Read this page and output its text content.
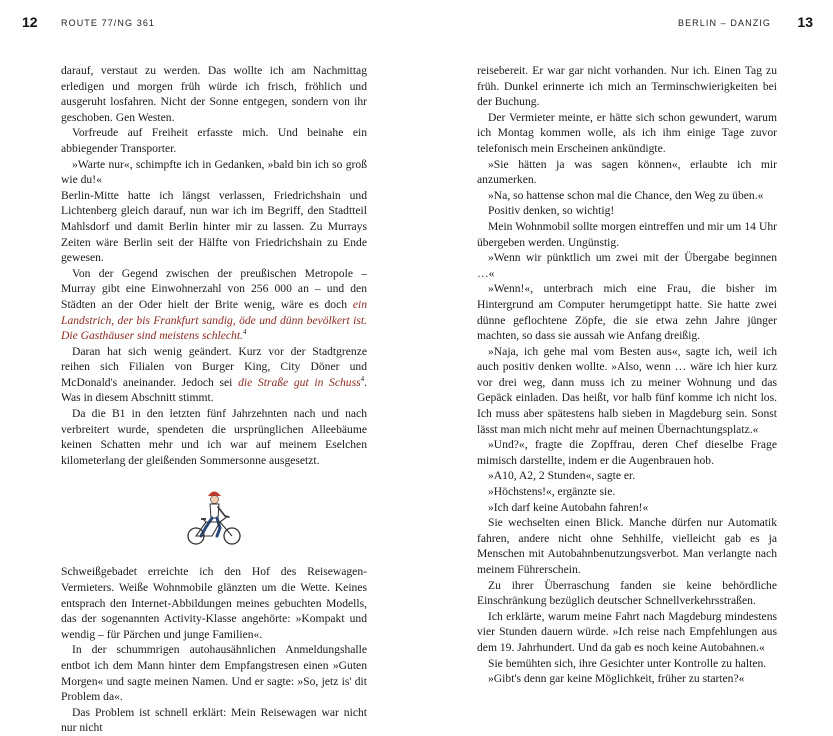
12	ROUTE 77/NG 361

darauf, verstaut zu werden. Das wollte ich am Nachmittag erledigen und morgen früh würde ich frisch, fröhlich und ausgeruht losfahren. Nicht der Sonne entgegen, sondern von ihr geschoben. Gen Westen.

Vorfreude auf Freiheit erfasste mich. Und beinahe ein abbiegender Transporter.

»Warte nur«, schimpfte ich in Gedanken, »bald bin ich so groß wie du!«

Berlin-Mitte hatte ich längst verlassen, Friedrichshain und Lichtenberg gleich darauf, nun war ich im Begriff, den Stadtteil Mahlsdorf und damit Berlin hinter mir zu lassen. Zu Murrays Zeiten wäre Berlin seit der Hälfte von Friedrichshain zu Ende gewesen.

Von der Gegend zwischen der preußischen Metropole – Murray gibt eine Einwohnerzahl von 256 000 an – und den Städten an der Oder hielt der Brite wenig, wäre es doch ein Landstrich, der bis Frankfurt sandig, öde und dünn bevölkert ist. Die Gasthäuser sind meistens schlecht.$^4$

Daran hat sich wenig geändert. Kurz vor der Stadtgrenze reihen sich Filialen von Burger King, City Döner und McDonald's aneinander. Jedoch sei die Straße gut in Schuss$^4$. Was in diesem Abschnitt stimmt.

Da die B1 in den letzten fünf Jahrzehnten nach und nach verbreitert wurde, spendeten die ursprünglichen Alleebäume keinen Schatten mehr und ich war auf meinem Eselchen kilometerlang der gleißenden Sommersonne ausgesetzt.

Schweißgebadet erreichte ich den Hof des Reisewagen-Vermieters. Weiße Wohnmobile glänzten um die Wette. Keines entsprach den Internet-Abbildungen meines gebuchten Modells, das der sogenannten Activity-Klasse angehörte: »Kompakt und wendig – für Pärchen und junge Familien«.

In der schummrigen autohausähnlichen Anmeldungshalle entbot ich dem Mann hinter dem Empfangstresen einen »Guten Morgen« und sagte meinen Namen. Und er sagte: »So, jetz is' dit Problem da«.

Das Problem ist schnell erklärt: Mein Reisewagen war nicht nur nicht

BERLIN – DANZIG 13

reisebereit. Er war gar nicht vorhanden. Nur ich. Einen Tag zu früh. Dunkel erinnerte ich mich an Terminschwierigkeiten bei der Buchung.

Der Vermieter meinte, er hätte sich schon gewundert, warum ich Montag kommen wolle, als ich ihm einige Tage zuvor telefonisch mein Erscheinen ankündigte.

»Sie hätten ja was sagen können«, erlaubte ich mir anzumerken.

»Na, so hattense schon mal die Chance, den Weg zu üben.«

Positiv denken, so wichtig!

Mein Wohnmobil sollte morgen eintreffen und mir um 14 Uhr übergeben werden. Ungünstig.

»Wenn wir pünktlich um zwei mit der Übergabe beginnen …«

»Wenn!«, unterbrach mich eine Frau, die bisher im Hintergrund am Computer herumgetippt hatte. Sie hatte zwei dünne geflochtene Zöpfe, die sie etwa zehn Jahre jünger machten, so dass sie aussah wie Anfang dreißig.

»Naja, ich gehe mal vom Besten aus«, sagte ich, weil ich auch positiv denken wollte. »Also, wenn … wäre ich hier kurz vor drei weg, dann muss ich zu meiner Wohnung und das Gepäck einladen. Das heißt, vor halb fünf komme ich nicht los. Ich muss aber spätestens halb sieben in Magdeburg sein. Sonst lässt man mich nicht mehr auf meinen Übernachtungsplatz.«

»Und?«, fragte die Zopffrau, deren Chef dieselbe Frage mimisch darstellte, indem er die Augenbrauen hob.

»A10, A2, 2 Stunden«, sagte er.

»Höchstens!«, ergänzte sie.

»Ich darf keine Autobahn fahren!«

Sie wechselten einen Blick. Manche dürfen nur Automatik fahren, andere nicht ohne Sehhilfe, vielleicht gab es ja Menschen mit Autobahnbenutzungsverbot. Man verlangte nach meinem Führerschein.

Zu ihrer Überraschung fanden sie keine behördliche Einschränkung bezüglich deutscher Schnellverkehrsstraßen.

Ich erklärte, warum meine Fahrt nach Magdeburg mindestens vier Stunden dauern würde. »Ich reise nach Empfehlungen aus dem 19. Jahrhundert. Und da gab es noch keine Autobahnen.«

Sie bemühten sich, ihre Gesichter unter Kontrolle zu halten.

»Gibt's denn gar keine Möglichkeit, früher zu starten?«
